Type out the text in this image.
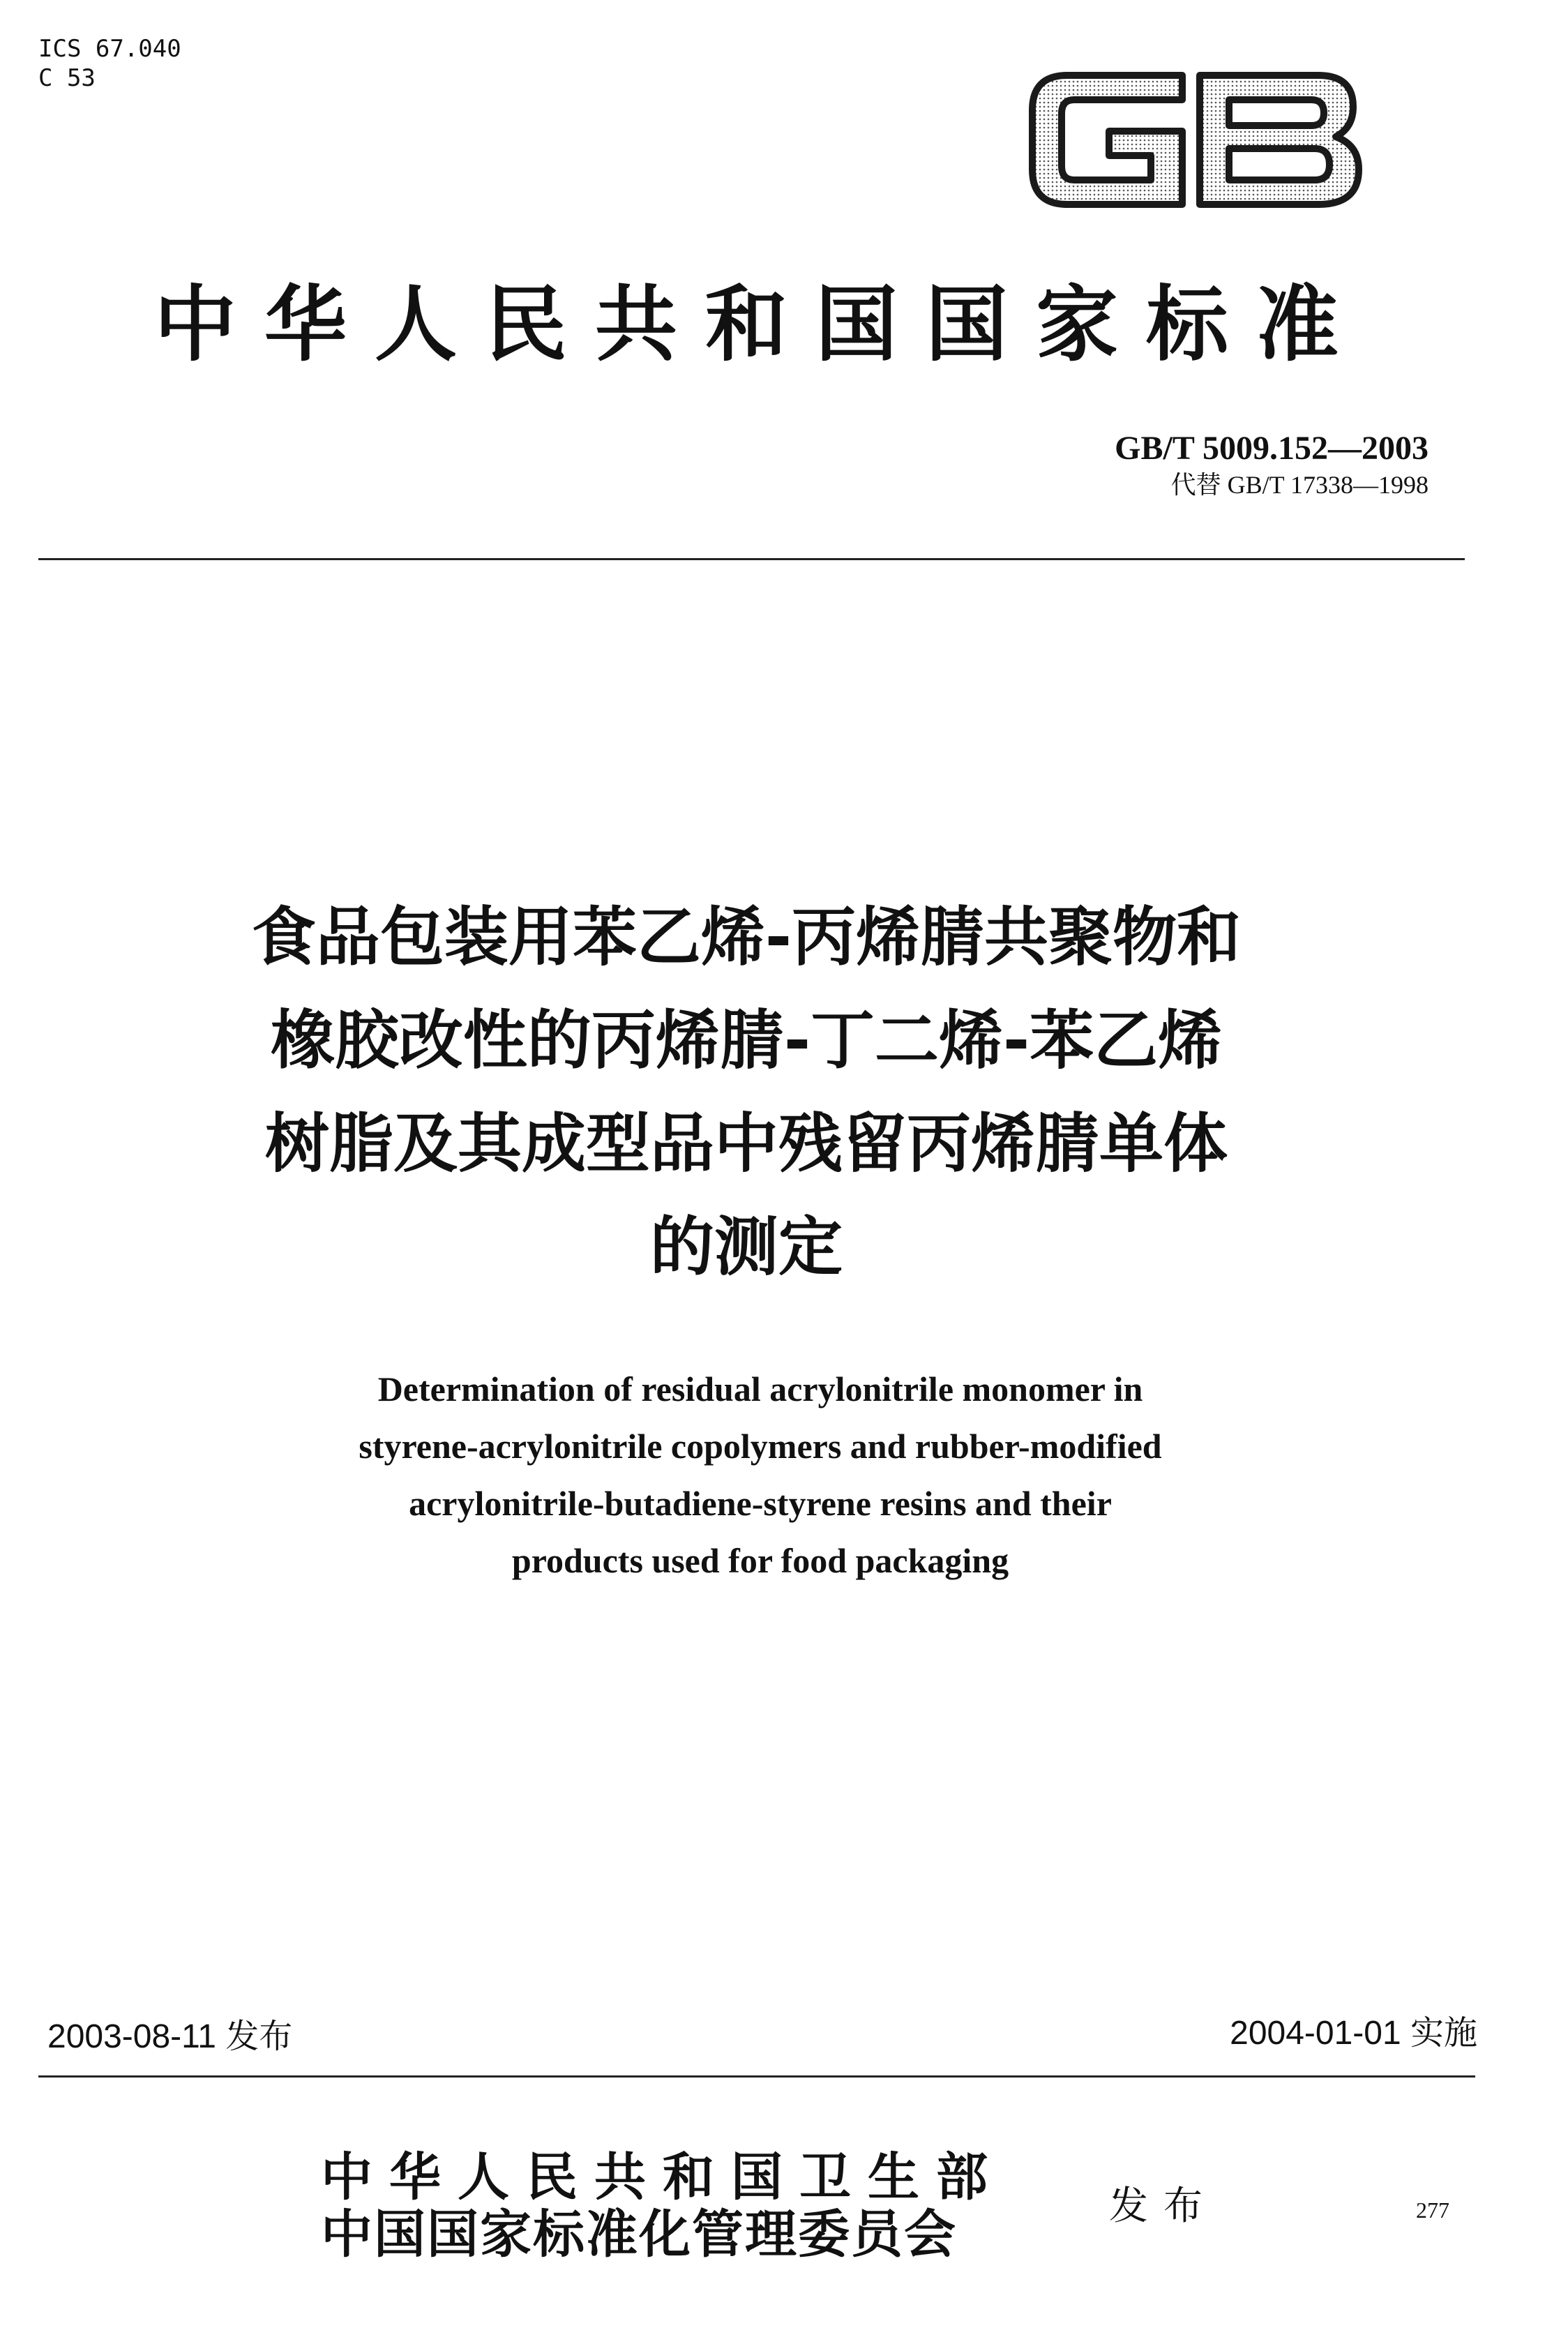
ICS 67.040
C 53
中华人民共和国国家标准
GB/T 5009.152—2003
代替 GB/T 17338—1998
食品包装用苯乙烯-丙烯腈共聚物和
橡胶改性的丙烯腈-丁二烯-苯乙烯
树脂及其成型品中残留丙烯腈单体
的测定
Determination of residual acrylonitrile monomer in
styrene-acrylonitrile copolymers and rubber-modified
acrylonitrile-butadiene-styrene resins and their
products used for food packaging
2003-08-11 发布	2004-01-01 实施
中华人民共和国卫生部
中国国家标准化管理委员会	发布	277
